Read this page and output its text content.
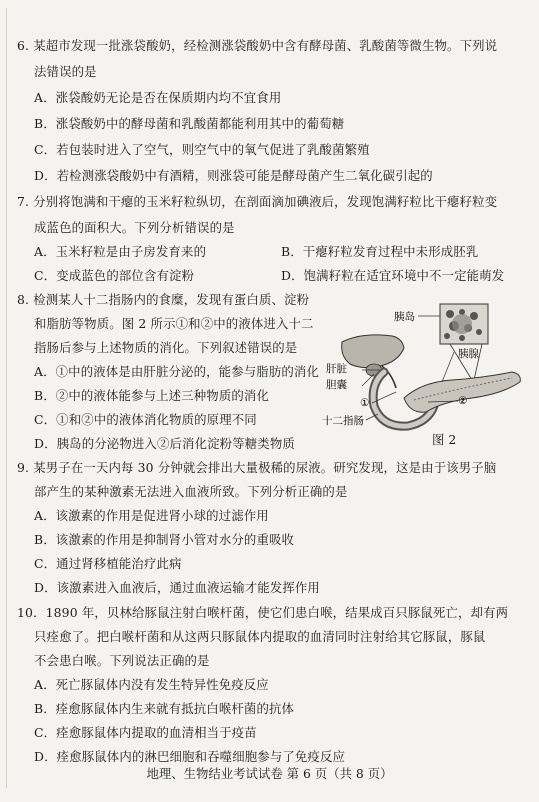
6. 某超市发现一批涨袋酸奶，经检测涨袋酸奶中含有酵母菌、乳酸菌等微生物。下列说
法错误的是
A．涨袋酸奶无论是否在保质期内均不宜食用
B．涨袋酸奶中的酵母菌和乳酸菌都能利用其中的葡萄糖
C．若包装时进入了空气，则空气中的氧气促进了乳酸菌繁殖
D．若检测涨袋酸奶中有酒精，则涨袋可能是酵母菌产生二氧化碳引起的
7. 分别将饱满和干瘪的玉米籽粒纵切，在剖面滴加碘液后，发现饱满籽粒比干瘪籽粒变
成蓝色的面积大。下列分析错误的是
A．玉米籽粒是由子房发育来的	B．干瘪籽粒发育过程中未形成胚乳
C．变成蓝色的部位含有淀粉	D．饱满籽粒在适宜环境中不一定能萌发
8. 检测某人十二指肠内的食糜，发现有蛋白质、淀粉
和脂肪等物质。图 2 所示①和②中的液体进入十二
指肠后参与上述物质的消化。下列叙述错误的是
A．①中的液体是由肝脏分泌的，能参与脂肪的消化
B．②中的液体能参与上述三种物质的消化
C．①和②中的液体消化物质的原理不同
D．胰岛的分泌物进入②后消化淀粉等糖类物质
胰岛
胰腺
肝脏
胆囊
①	②
十二指肠
图 2
9. 某男子在一天内每 30 分钟就会排出大量极稀的尿液。研究发现，这是由于该男子脑
部产生的某种激素无法进入血液所致。下列分析正确的是
A．该激素的作用是促进肾小球的过滤作用
B．该激素的作用是抑制肾小管对水分的重吸收
C．通过肾移植能治疗此病
D．该激素进入血液后，通过血液运输才能发挥作用
10．1890 年，贝林给豚鼠注射白喉杆菌，使它们患白喉，结果成百只豚鼠死亡，却有两
只痊愈了。把白喉杆菌和从这两只豚鼠体内提取的血清同时注射给其它豚鼠，豚鼠
不会患白喉。下列说法正确的是
A．死亡豚鼠体内没有发生特异性免疫反应
B．痊愈豚鼠体内生来就有抵抗白喉杆菌的抗体
C．痊愈豚鼠体内提取的血清相当于疫苗
D．痊愈豚鼠体内的淋巴细胞和吞噬细胞参与了免疫反应
地理、生物结业考试试卷 第 6 页（共 8 页）
